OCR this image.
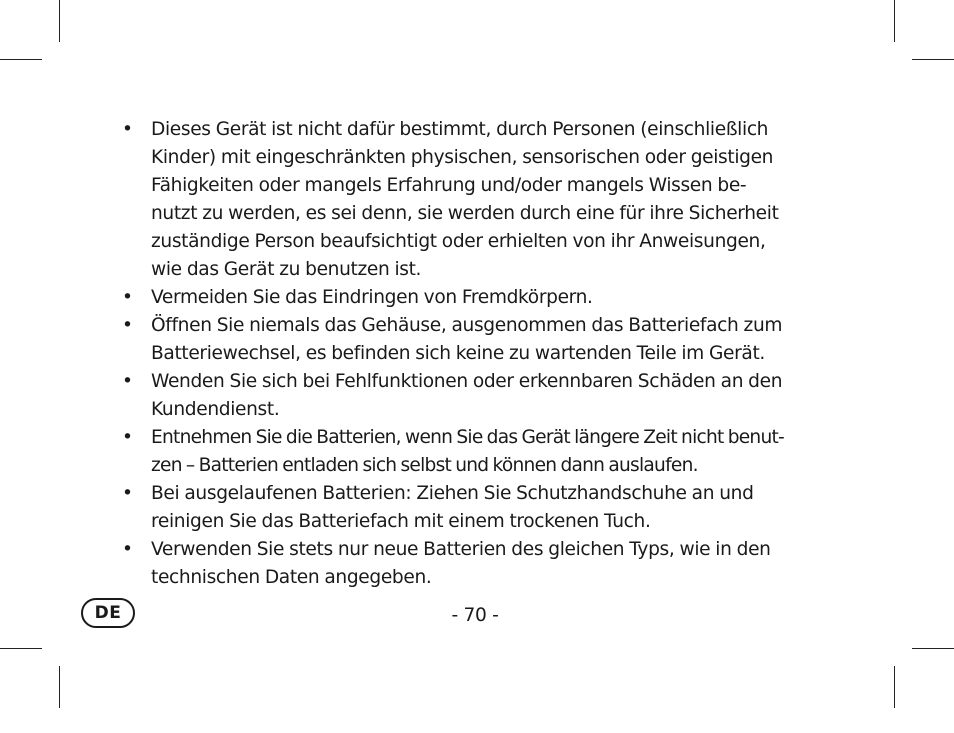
• Dieses Gerät ist nicht dafür bestimmt, durch Personen (einschließlich
Kinder) mit eingeschränkten physischen, sensorischen oder geistigen
Fähigkeiten oder mangels Erfahrung und/oder mangels Wissen be-
nutzt zu werden, es sei denn, sie werden durch eine für ihre Sicherheit
zuständige Person beaufsichtigt oder erhielten von ihr Anweisungen,
wie das Gerät zu benutzen ist.
• Vermeiden Sie das Eindringen von Fremdkörpern.
• Öffnen Sie niemals das Gehäuse, ausgenommen das Batteriefach zum
Batteriewechsel, es befinden sich keine zu wartenden Teile im Gerät.
• Wenden Sie sich bei Fehlfunktionen oder erkennbaren Schäden an den
Kundendienst.
• Entnehmen Sie die Batterien, wenn Sie das Gerät längere Zeit nicht benut-
zen – Batterien entladen sich selbst und können dann auslaufen.
• Bei ausgelaufenen Batterien: Ziehen Sie Schutzhandschuhe an und
reinigen Sie das Batteriefach mit einem trockenen Tuch.
• Verwenden Sie stets nur neue Batterien des gleichen Typs, wie in den
technischen Daten angegeben.
DE	- 70 -
